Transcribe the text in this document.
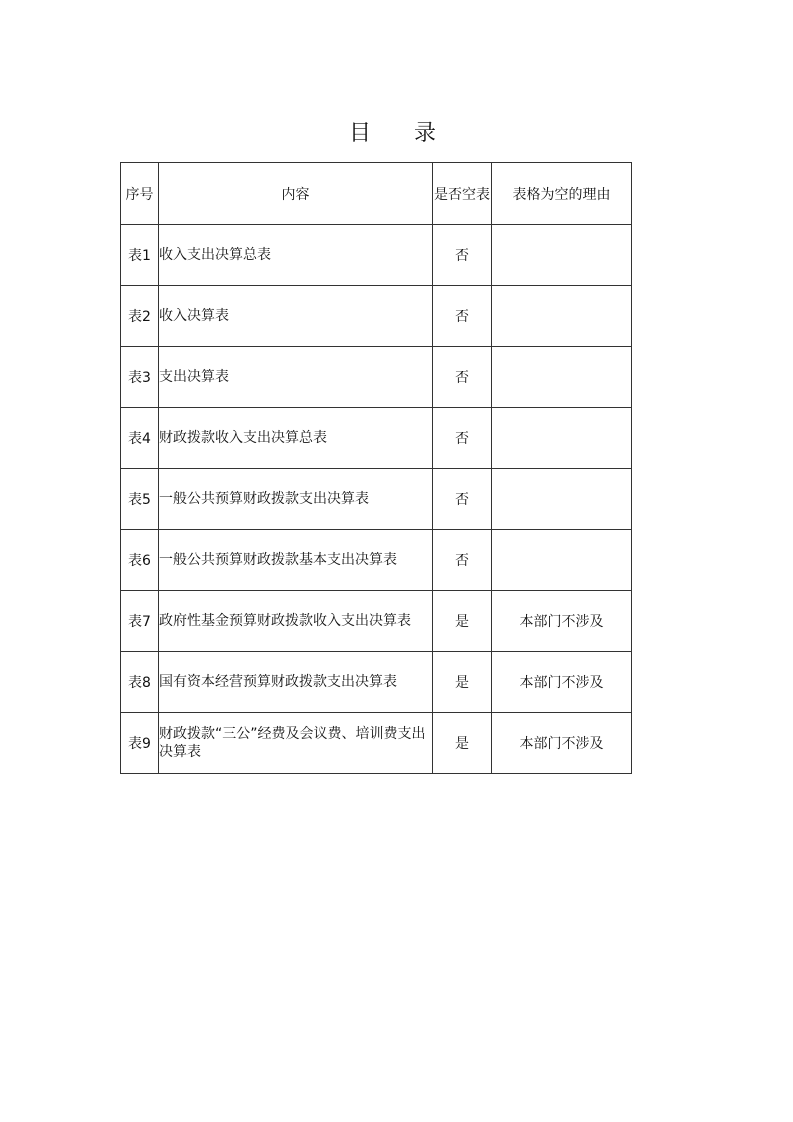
目 录
序号	内容	是否空表	表格为空的理由
表1	收入支出决算总表	否	
表2	收入决算表	否	
表3	支出决算表	否	
表4	财政拨款收入支出决算总表	否	
表5	一般公共预算财政拨款支出决算表	否	
表6	一般公共预算财政拨款基本支出决算表	否	
表7	政府性基金预算财政拨款收入支出决算表	是	本部门不涉及
表8	国有资本经营预算财政拨款支出决算表	是	本部门不涉及
表9	财政拨款“三公”经费及会议费、培训费支出决算表	是	本部门不涉及
